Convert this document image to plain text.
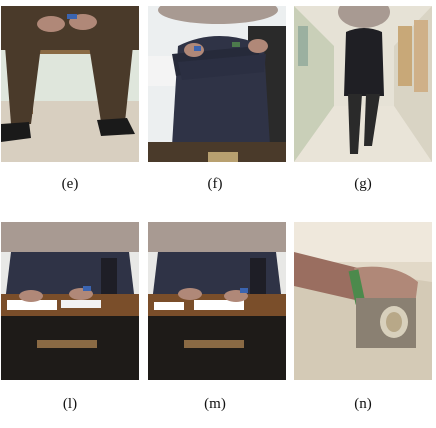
(e)	(f)	(g)
(l)	(m)	(n)
